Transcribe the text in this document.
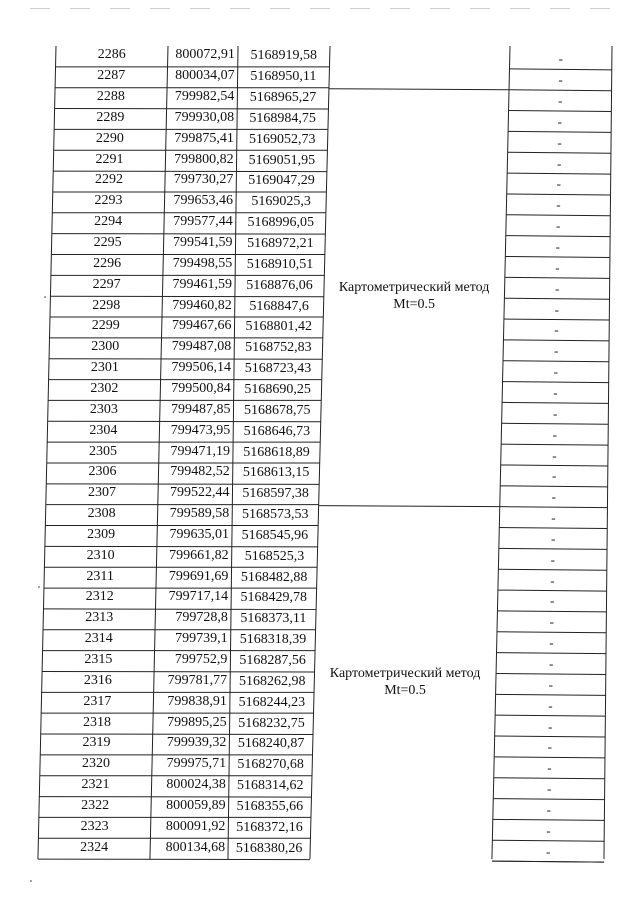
2286	800072,91	5168919,58	-
2287	800034,07	5168950,11	-
2288	799982,54	5168965,27	-
2289	799930,08	5168984,75	-
2290	799875,41	5169052,73	-
2291	799800,82	5169051,95	-
2292	799730,27	5169047,29	-
2293	799653,46	5169025,3	-
2294	799577,44	5168996,05	-
2295	799541,59	5168972,21	-
2296	799498,55	5168910,51	-
2297	799461,59	5168876,06	-
2298	799460,82	5168847,6	-
2299	799467,66	5168801,42	-
2300	799487,08 5168752,83	-
2301	799506,14 5168723,43	-
2302	799500,84 5168690,25	-
2303	799487,85 5168678,75	-
2304	799473,95 5168646,73	-
2305	799471,19 5168618,89	-
2306	799482,52 5168613,15	-
2307	799522,44 5168597,38	-
2308	799589,58 5168573,53	-
2309	799635,01 5168545,96	-
2310	799661,82	5168525,3	-
2311	799691,69 5168482,88	-
2312	799717,14 5168429,78	-
2313	799728,8 5168373,11	-
2314	799739,1 5168318,39	-
2315	799752,9 5168287,56	-
2316	799781,77 5168262,98	-
2317	799838,91 5168244,23	-
2318	799895,25 5168232,75	-
2319	799939,32 5168240,87	-
2320	799975,71 5168270,68	-
2321	800024,38 5168314,62	-
2322	800059,89 5168355,66	-
2323	800091,92 5168372,16	-
2324	800134,68 5168380,26	-
Картометрический метод
Mt=0.5
Картометрический метод
Mt=0.5
